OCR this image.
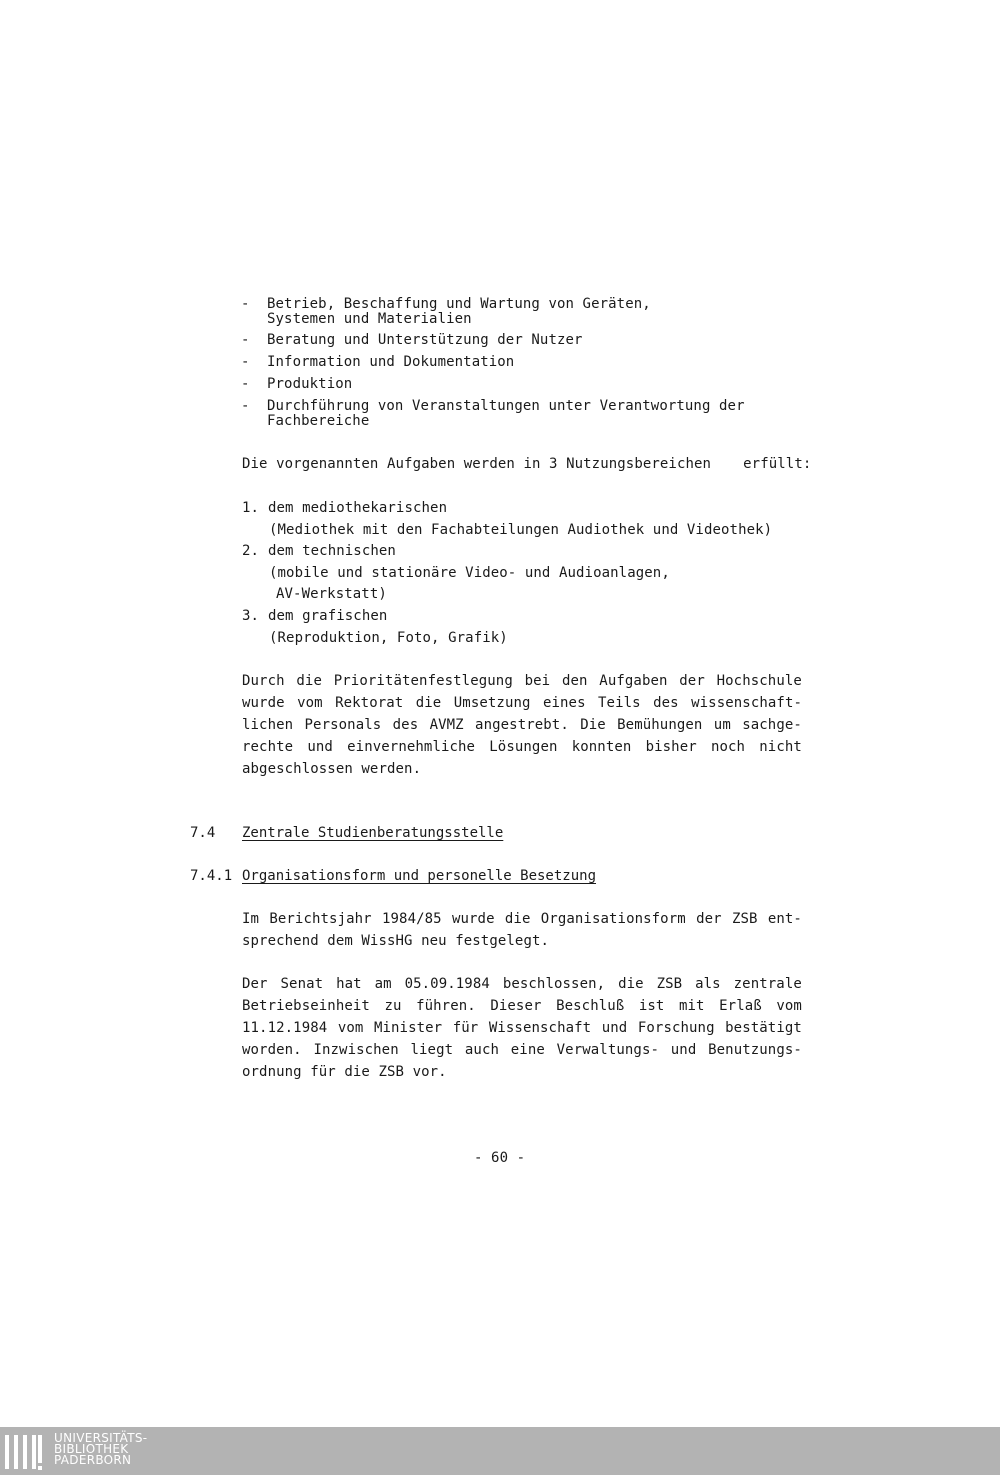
- Betrieb, Beschaffung und Wartung von Geräten,
Systemen und Materialien
- Beratung und Unterstützung der Nutzer
- Information und Dokumentation
- Produktion
- Durchführung von Veranstaltungen unter Verantwortung der
Fachbereiche
Die vorgenannten Aufgaben werden in 3 Nutzungsbereichen erfüllt:
1. dem mediothekarischen
(Mediothek mit den Fachabteilungen Audiothek und Videothek)
2. dem technischen
(mobile und stationäre Video- und Audioanlagen,
AV-Werkstatt)
3. dem grafischen
(Reproduktion, Foto, Grafik)
Durch die Prioritätenfestlegung bei den Aufgaben der Hochschule
wurde vom Rektorat die Umsetzung eines Teils des wissenschaft-
lichen Personals des AVMZ angestrebt. Die Bemühungen um sachge-
rechte und einvernehmliche Lösungen konnten bisher noch nicht
abgeschlossen werden.
7.4 Zentrale Studienberatungsstelle
7.4.1 Organisationsform und personelle Besetzung
Im Berichtsjahr 1984/85 wurde die Organisationsform der ZSB ent-
sprechend dem WissHG neu festgelegt.
Der Senat hat am 05.09.1984 beschlossen, die ZSB als zentrale
Betriebseinheit zu führen. Dieser Beschluß ist mit Erlaß vom
11.12.1984 vom Minister für Wissenschaft und Forschung bestätigt
worden. Inzwischen liegt auch eine Verwaltungs- und Benutzungs-
ordnung für die ZSB vor.
- 60 -
UNIVERSITÄTS-
BIBLIOTHEK
PADERBORN
